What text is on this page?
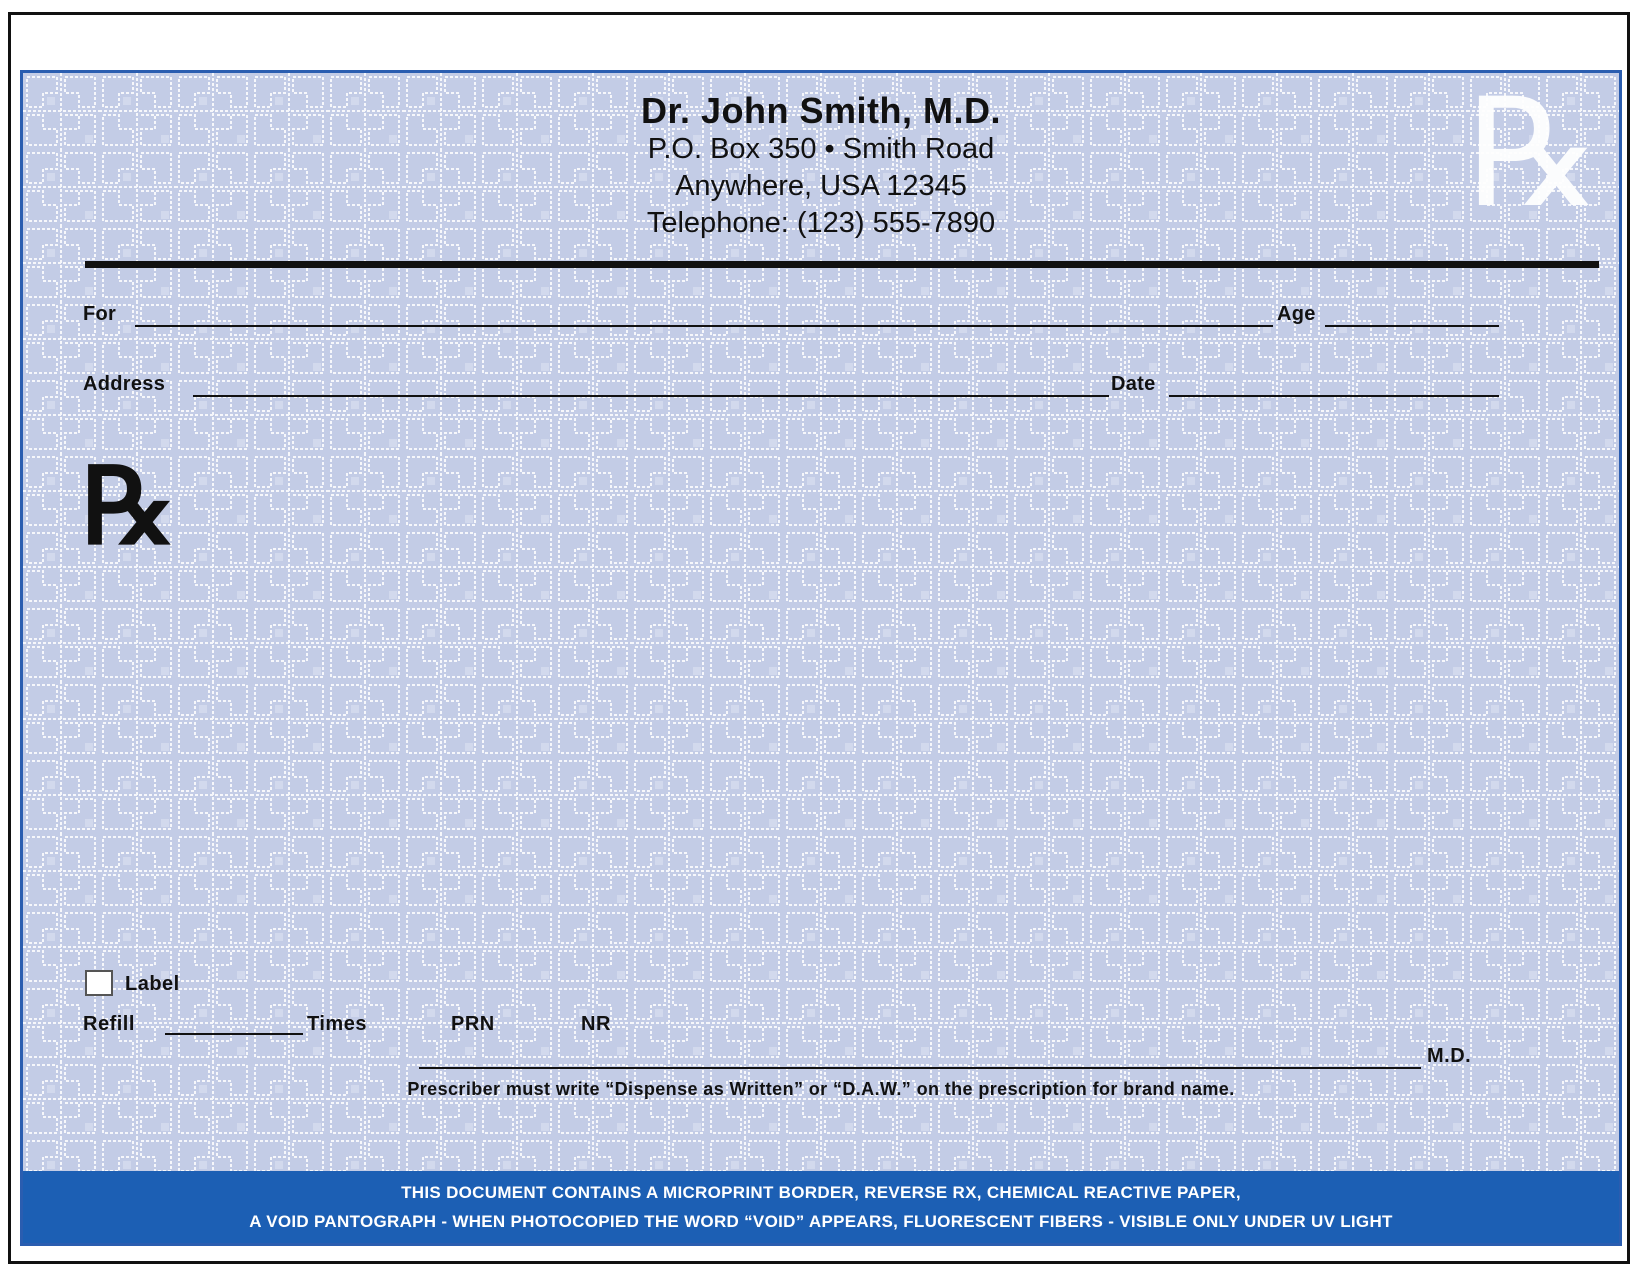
℞
Dr. John Smith, M.D.
P.O. Box 350 • Smith Road
Anywhere, USA 12345
Telephone: (123) 555-7890
For	Age
Address	Date
℞
Label
Refill	Times	PRN	NR
M.D.
Prescriber must write “Dispense as Written” or “D.A.W.” on the prescription for brand name.
THIS DOCUMENT CONTAINS A MICROPRINT BORDER, REVERSE RX, CHEMICAL REACTIVE PAPER,
A VOID PANTOGRAPH - WHEN PHOTOCOPIED THE WORD “VOID” APPEARS, FLUORESCENT FIBERS - VISIBLE ONLY UNDER UV LIGHT
